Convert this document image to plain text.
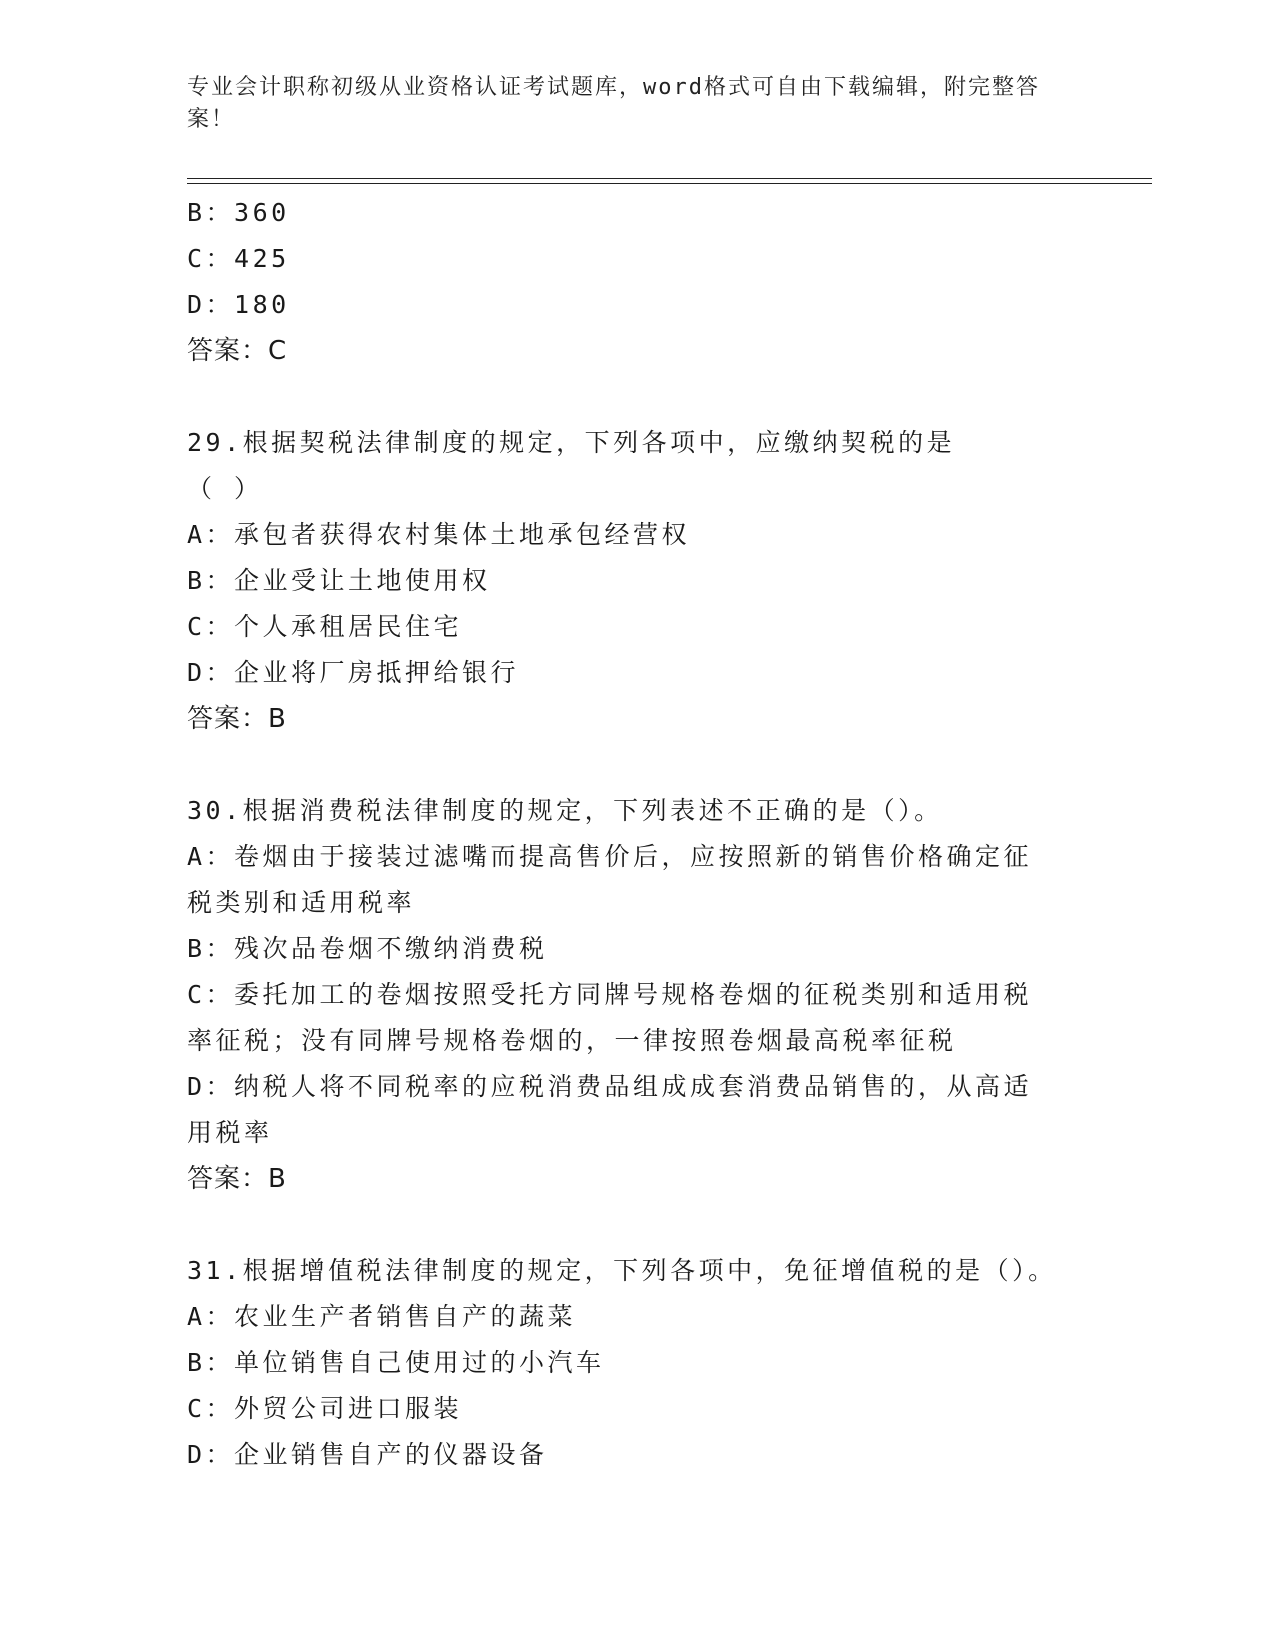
专业会计职称初级从业资格认证考试题库，word格式可自由下载编辑，附完整答案！
B：360
C：425
D：180
答案：C
29.根据契税法律制度的规定，下列各项中，应缴纳契税的是（ ）
A：承包者获得农村集体土地承包经营权
B：企业受让土地使用权
C：个人承租居民住宅
D：企业将厂房抵押给银行
答案：B
30.根据消费税法律制度的规定，下列表述不正确的是（）。
A：卷烟由于接装过滤嘴而提高售价后，应按照新的销售价格确定征税类别和适用税率
B：残次品卷烟不缴纳消费税
C：委托加工的卷烟按照受托方同牌号规格卷烟的征税类别和适用税率征税；没有同牌号规格卷烟的，一律按照卷烟最高税率征税
D：纳税人将不同税率的应税消费品组成成套消费品销售的，从高适用税率
答案：B
31.根据增值税法律制度的规定，下列各项中，免征增值税的是（）。
A：农业生产者销售自产的蔬菜
B：单位销售自己使用过的小汽车
C：外贸公司进口服装
D：企业销售自产的仪器设备
